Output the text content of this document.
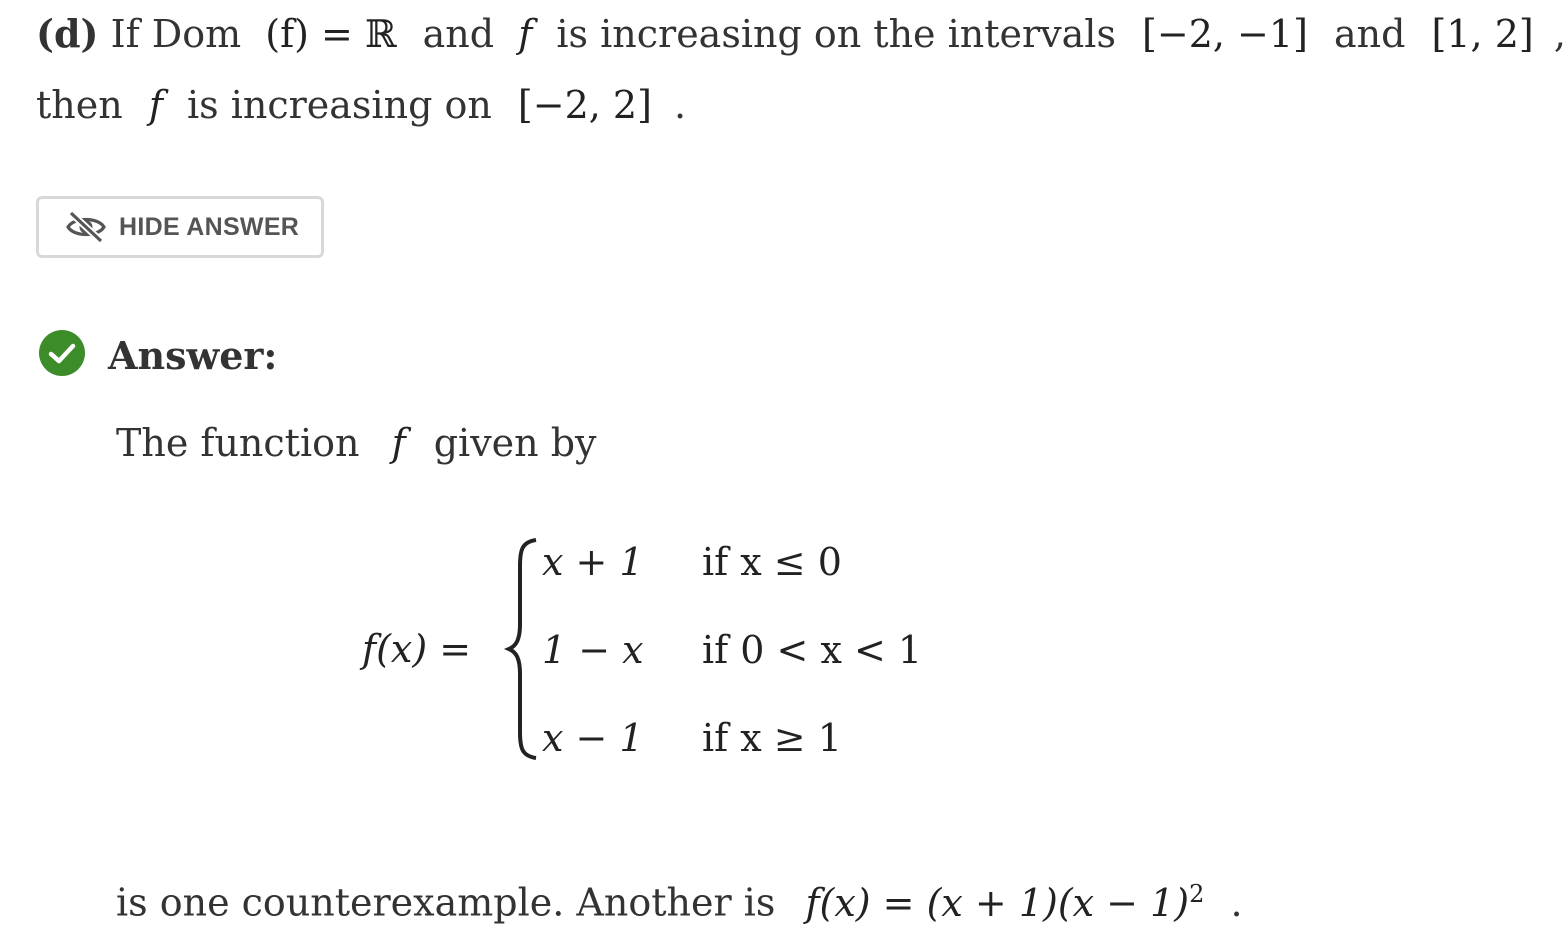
(d) If Dom (f) = ℝ and f is increasing on the intervals [−2, −1] and [1, 2] ,
then f is increasing on [−2, 2] .
HIDE ANSWER
Answer:
The function f given by
f(x) =
x + 1 if x ≤ 0
1 − x if 0 < x < 1
x − 1 if x ≥ 1
is one counterexample. Another is $f(x) = (x + 1)(x - 1)^2$ .
